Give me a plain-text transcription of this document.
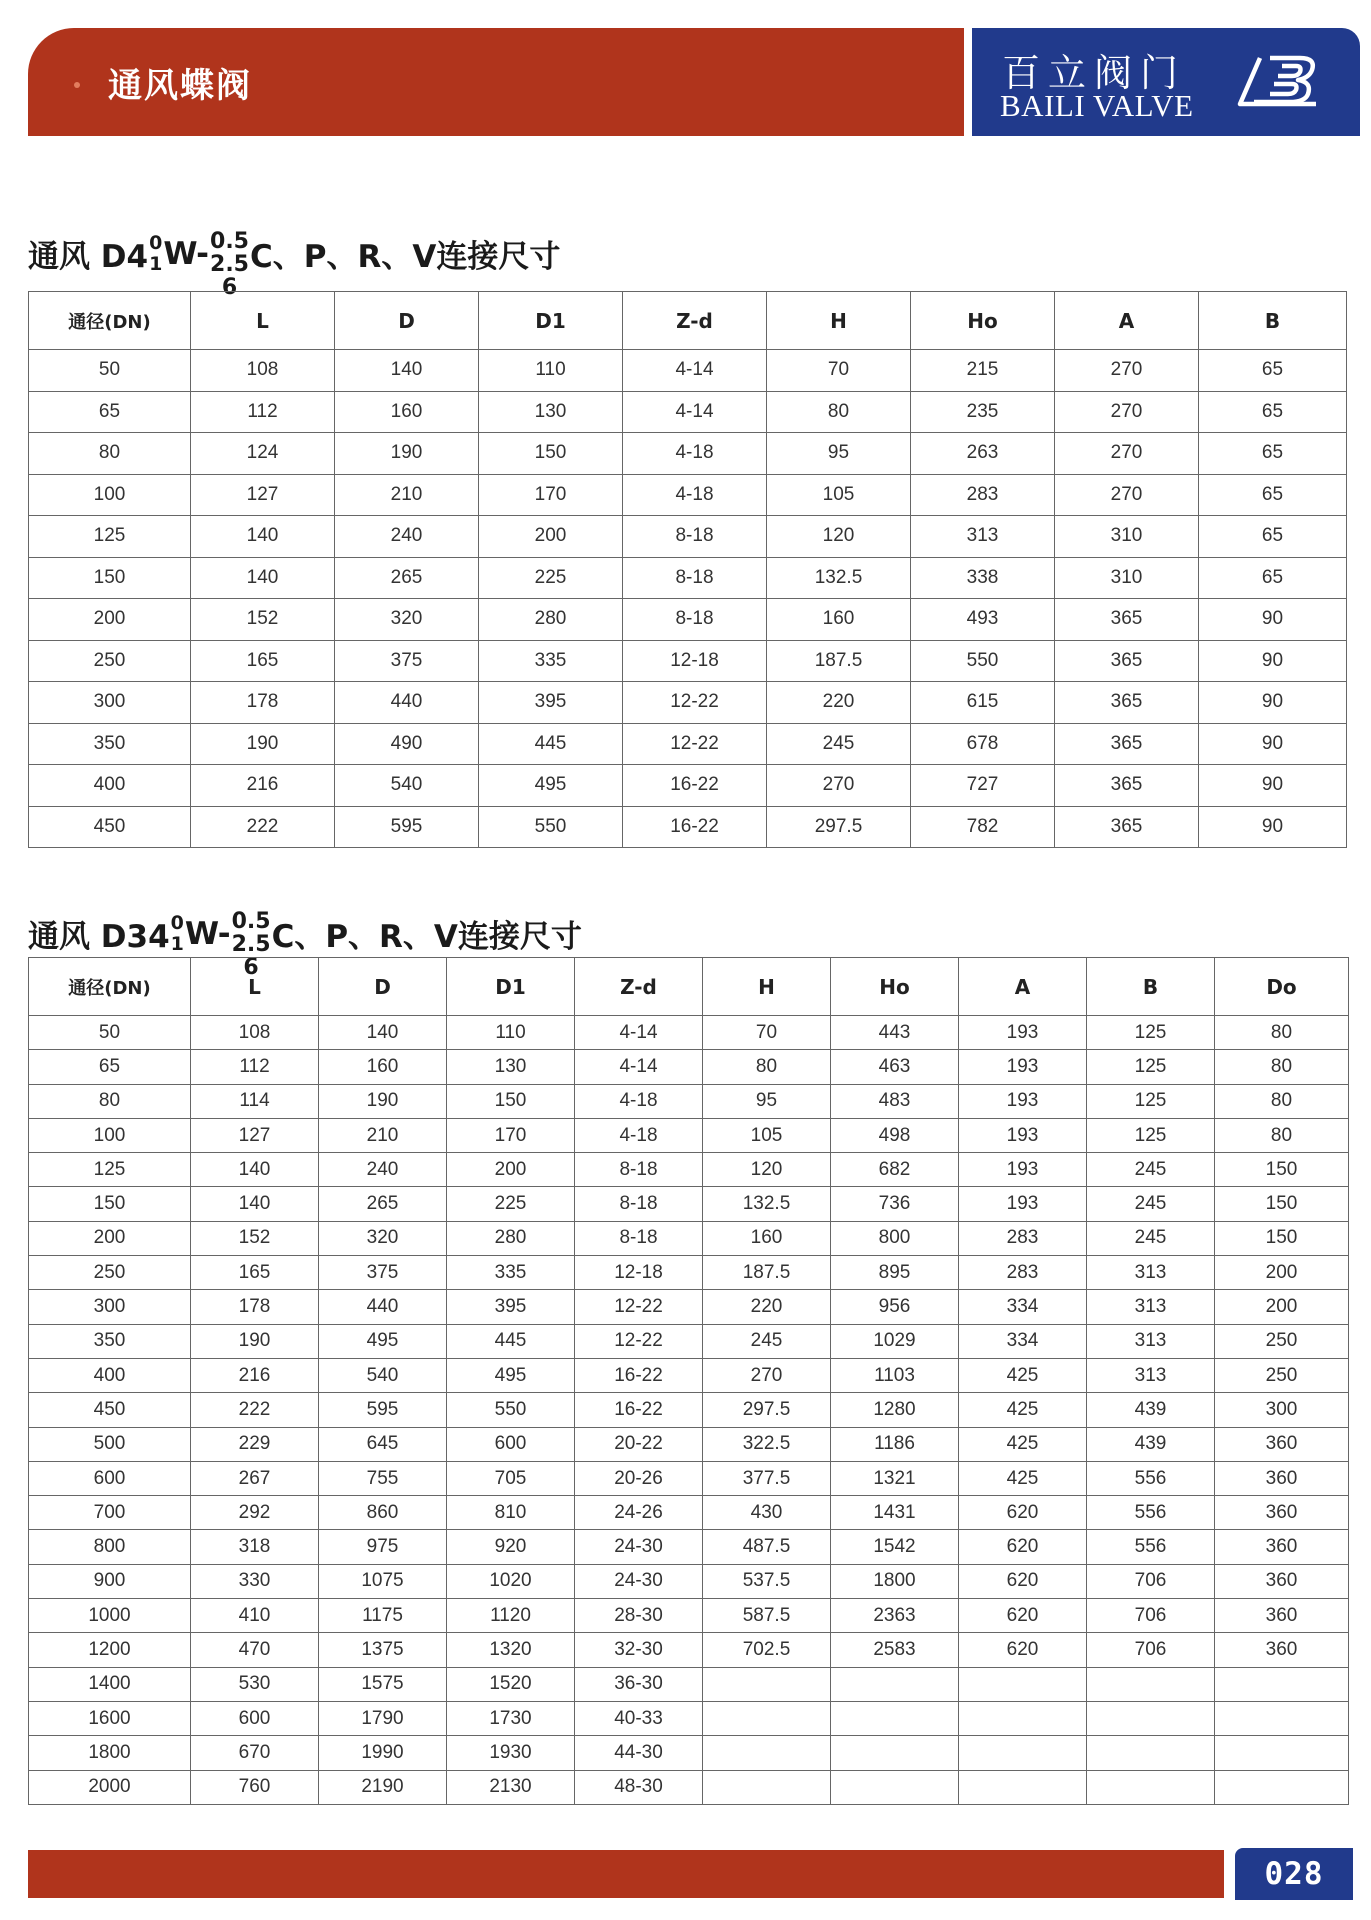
通风蝶阀	百立阀门
BAILI VALVE
通风 D4 0
1 W- 0.5
2.5
6
C、P、R、V连接尺寸
通径(DN)	L	D	D1	Z-d	H	Ho	A	B
50	108	140	110	4-14	70	215	270	65
65	112	160	130	4-14	80	235	270	65
80	124	190	150	4-18	95	263	270	65
100	127	210	170	4-18	105	283	270	65
125	140	240	200	8-18	120	313	310	65
150	140	265	225	8-18	132.5	338	310	65
200	152	320	280	8-18	160	493	365	90
250	165	375	335	12-18	187.5	550	365	90
300	178	440	395	12-22	220	615	365	90
350	190	490	445	12-22	245	678	365	90
400	216	540	495	16-22	270	727	365	90
450	222	595	550	16-22	297.5	782	365	90
通风 D34 0
1 W- 0.5
2.5
6
C、P、R、V连接尺寸
通径(DN)	L	D	D1	Z-d	H	Ho	A	B	Do
50	108	140	110	4-14	70	443	193	125	80
65	112	160	130	4-14	80	463	193	125	80
80	114	190	150	4-18	95	483	193	125	80
100	127	210	170	4-18	105	498	193	125	80
125	140	240	200	8-18	120	682	193	245	150
150	140	265	225	8-18	132.5	736	193	245	150
200	152	320	280	8-18	160	800	283	245	150
250	165	375	335	12-18	187.5	895	283	313	200
300	178	440	395	12-22	220	956	334	313	200
350	190	495	445	12-22	245	1029	334	313	250
400	216	540	495	16-22	270	1103	425	313	250
450	222	595	550	16-22	297.5	1280	425	439	300
500	229	645	600	20-22	322.5	1186	425	439	360
600	267	755	705	20-26	377.5	1321	425	556	360
700	292	860	810	24-26	430	1431	620	556	360
800	318	975	920	24-30	487.5	1542	620	556	360
900	330	1075	1020	24-30	537.5	1800	620	706	360
1000	410	1175	1120	28-30	587.5	2363	620	706	360
1200	470	1375	1320	32-30	702.5	2583	620	706	360
1400	530	1575	1520	36-30					
1600	600	1790	1730	40-33					
1800	670	1990	1930	44-30					
2000	760	2190	2130	48-30					
028
